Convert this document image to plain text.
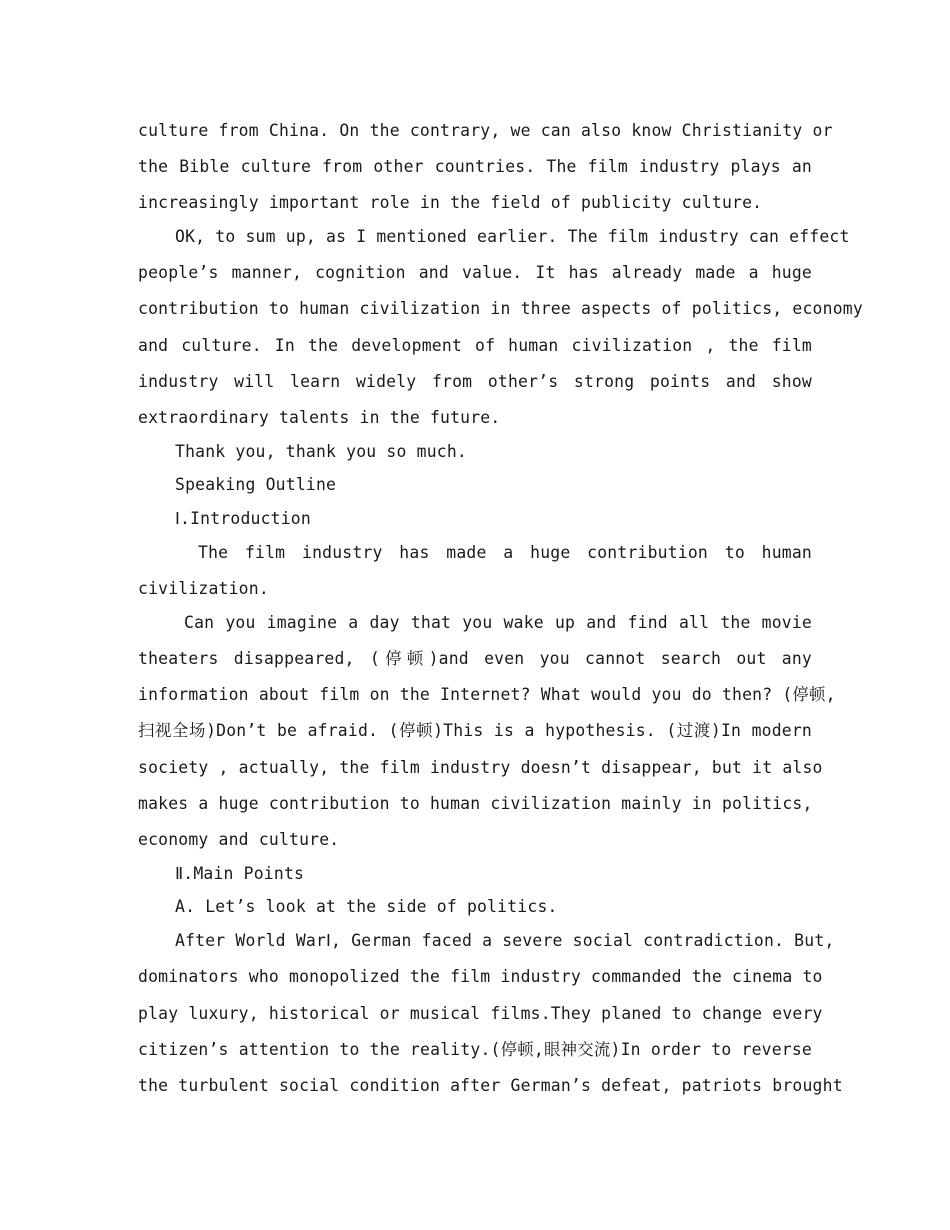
culture from China. On the contrary, we can also know Christianity or
the Bible culture from other countries. The film industry plays an
increasingly important role in the field of publicity culture.
OK, to sum up, as I mentioned earlier. The film industry can effect
people’s manner, cognition and value. It has already made a huge
contribution to human civilization in three aspects of politics, economy
and culture. In the development of human civilization , the film
industry will learn widely from other’s strong points and show
extraordinary talents in the future.
Thank you, thank you so much.
Speaking Outline
Ⅰ.Introduction
The film industry has made a huge contribution to human
civilization.
Can you imagine a day that you wake up and find all the movie
theaters disappeared, (停顿)and even you cannot search out any
information about film on the Internet? What would you do then? (停顿,
扫视全场)Don’t be afraid. (停顿)This is a hypothesis. (过渡)In modern
society , actually, the film industry doesn’t disappear, but it also
makes a huge contribution to human civilization mainly in politics,
economy and culture.
Ⅱ.Main Points
A. Let’s look at the side of politics.
After World WarⅠ, German faced a severe social contradiction. But,
dominators who monopolized the film industry commanded the cinema to
play luxury, historical or musical films.They planed to change every
citizen’s attention to the reality.(停顿,眼神交流)In order to reverse
the turbulent social condition after German’s defeat, patriots brought
